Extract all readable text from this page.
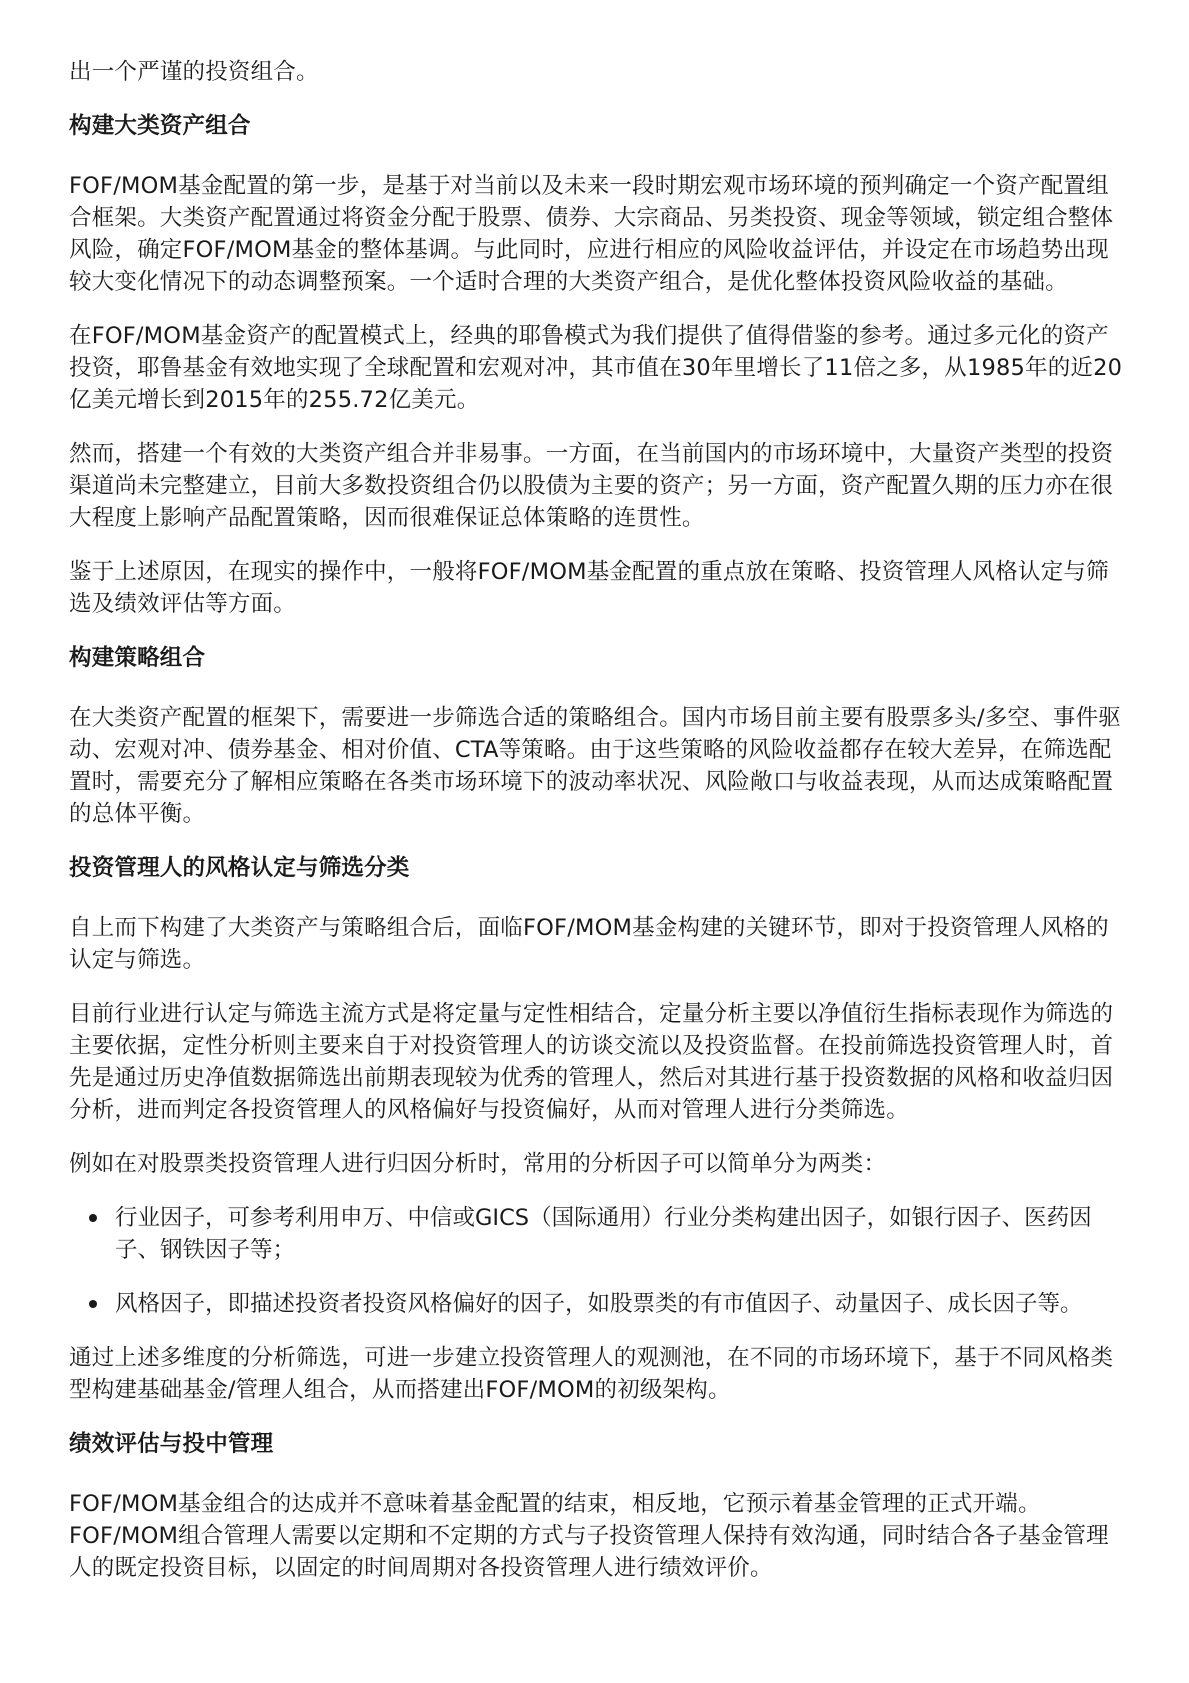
出一个严谨的投资组合。

构建大类资产组合

FOF/MOM基金配置的第一步，是基于对当前以及未来一段时期宏观市场环境的预判确定一个资产配置组合框架。大类资产配置通过将资金分配于股票、债券、大宗商品、另类投资、现金等领域，锁定组合整体风险，确定FOF/MOM基金的整体基调。与此同时，应进行相应的风险收益评估，并设定在市场趋势出现较大变化情况下的动态调整预案。一个适时合理的大类资产组合，是优化整体投资风险收益的基础。

在FOF/MOM基金资产的配置模式上，经典的耶鲁模式为我们提供了值得借鉴的参考。通过多元化的资产投资，耶鲁基金有效地实现了全球配置和宏观对冲，其市值在30年里增长了11倍之多，从1985年的近20亿美元增长到2015年的255.72亿美元。

然而，搭建一个有效的大类资产组合并非易事。一方面，在当前国内的市场环境中，大量资产类型的投资渠道尚未完整建立，目前大多数投资组合仍以股债为主要的资产；另一方面，资产配置久期的压力亦在很大程度上影响产品配置策略，因而很难保证总体策略的连贯性。

鉴于上述原因，在现实的操作中，一般将FOF/MOM基金配置的重点放在策略、投资管理人风格认定与筛选及绩效评估等方面。

构建策略组合

在大类资产配置的框架下，需要进一步筛选合适的策略组合。国内市场目前主要有股票多头/多空、事件驱动、宏观对冲、债券基金、相对价值、CTA等策略。由于这些策略的风险收益都存在较大差异，在筛选配置时，需要充分了解相应策略在各类市场环境下的波动率状况、风险敞口与收益表现，从而达成策略配置的总体平衡。

投资管理人的风格认定与筛选分类

自上而下构建了大类资产与策略组合后，面临FOF/MOM基金构建的关键环节，即对于投资管理人风格的认定与筛选。

目前行业进行认定与筛选主流方式是将定量与定性相结合，定量分析主要以净值衍生指标表现作为筛选的主要依据，定性分析则主要来自于对投资管理人的访谈交流以及投资监督。在投前筛选投资管理人时，首先是通过历史净值数据筛选出前期表现较为优秀的管理人，然后对其进行基于投资数据的风格和收益归因分析，进而判定各投资管理人的风格偏好与投资偏好，从而对管理人进行分类筛选。

例如在对股票类投资管理人进行归因分析时，常用的分析因子可以简单分为两类：

行业因子，可参考利用申万、中信或GICS（国际通用）行业分类构建出因子，如银行因子、医药因子、钢铁因子等；
风格因子，即描述投资者投资风格偏好的因子，如股票类的有市值因子、动量因子、成长因子等。

通过上述多维度的分析筛选，可进一步建立投资管理人的观测池，在不同的市场环境下，基于不同风格类型构建基础基金/管理人组合，从而搭建出FOF/MOM的初级架构。

绩效评估与投中管理

FOF/MOM基金组合的达成并不意味着基金配置的结束，相反地，它预示着基金管理的正式开端。FOF/MOM组合管理人需要以定期和不定期的方式与子投资管理人保持有效沟通，同时结合各子基金管理人的既定投资目标，以固定的时间周期对各投资管理人进行绩效评价。
